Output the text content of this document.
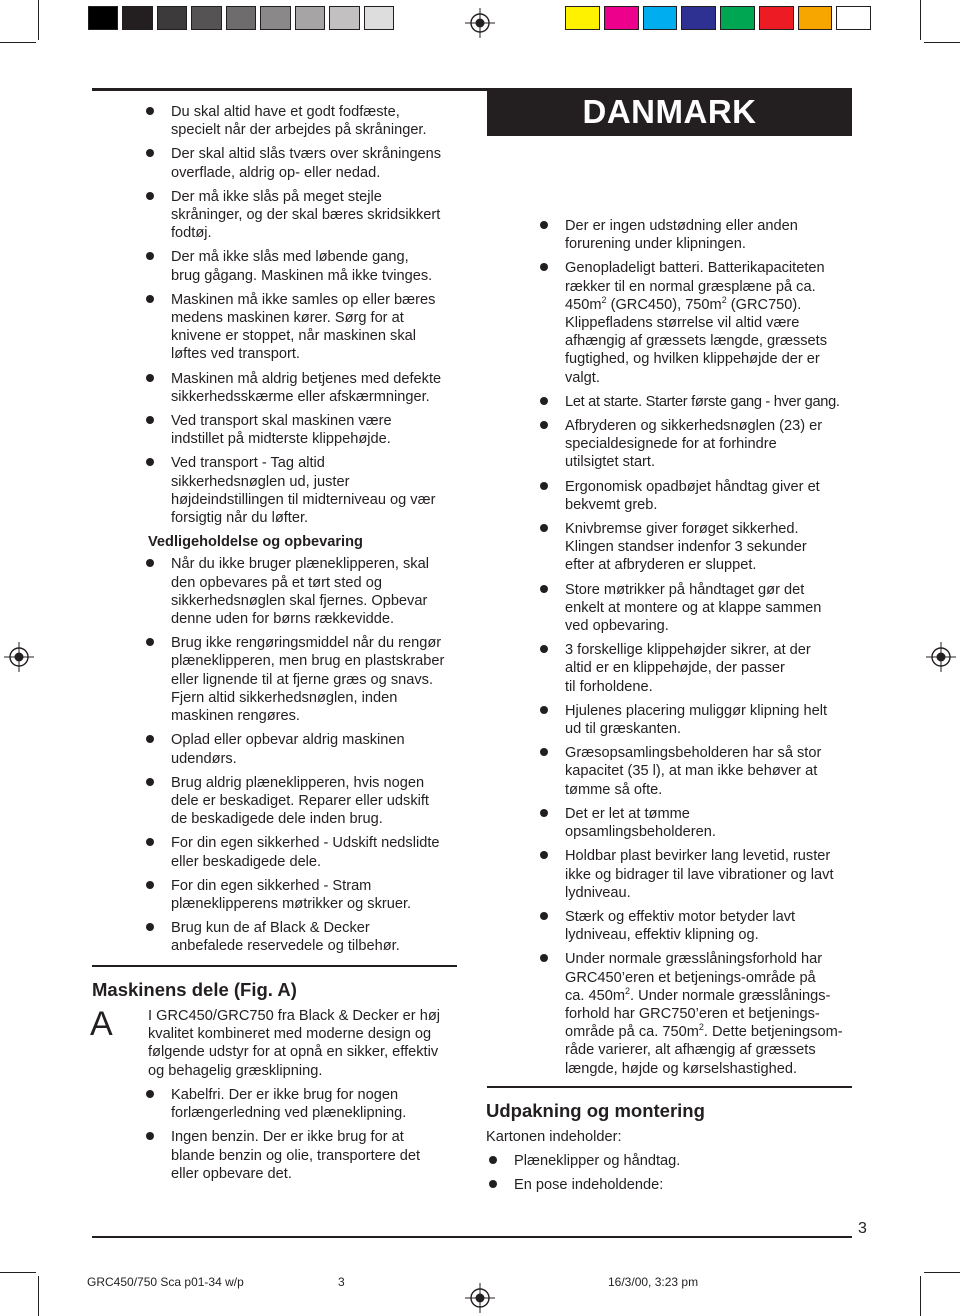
DANMARK
Du skal altid have et godt fodfæste,
specielt når der arbejdes på skråninger.
Der skal altid slås tværs over skråningens
overflade, aldrig op- eller nedad.
Der må ikke slås på meget stejle
skråninger, og der skal bæres skridsikkert
fodtøj.
Der må ikke slås med løbende gang,
brug gågang. Maskinen må ikke tvinges.
Maskinen må ikke samles op eller bæres
medens maskinen kører. Sørg for at
knivene er stoppet, når maskinen skal
løftes ved transport.
Maskinen må aldrig betjenes med defekte
sikkerhedsskærme eller afskærmninger.
Ved transport skal maskinen være
indstillet på midterste klippehøjde.
Ved transport - Tag altid
sikkerhedsnøglen ud, juster
højdeindstillingen til midterniveau og vær
forsigtig når du løfter.
Vedligeholdelse og opbevaring
Når du ikke bruger plæneklipperen, skal
den opbevares på et tørt sted og
sikkerhedsnøglen skal fjernes. Opbevar
denne uden for børns rækkevidde.
Brug ikke rengøringsmiddel når du rengør
plæneklipperen, men brug en plastskraber
eller lignende til at fjerne græs og snavs.
Fjern altid sikkerhedsnøglen, inden
maskinen rengøres.
Oplad eller opbevar aldrig maskinen
udendørs.
Brug aldrig plæneklipperen, hvis nogen
dele er beskadiget. Reparer eller udskift
de beskadigede dele inden brug.
For din egen sikkerhed - Udskift nedslidte
eller beskadigede dele.
For din egen sikkerhed - Stram
plæneklipperens møtrikker og skruer.
Brug kun de af Black & Decker
anbefalede reservedele og tilbehør.
Maskinens dele (Fig. A)
A I GRC450/GRC750 fra Black & Decker er høj
kvalitet kombineret med moderne design og
følgende udstyr for at opnå en sikker, effektiv
og behagelig græsklipning.

Kabelfri. Der er ikke brug for nogen
forlængerledning ved plæneklipning.
Ingen benzin. Der er ikke brug for at
blande benzin og olie, transportere det
eller opbevare det.
Der er ingen udstødning eller anden
forurening under klipningen.
Genopladeligt batteri. Batterikapaciteten
rækker til en normal græsplæne på ca.
$450m^2$ (GRC450), $750m^2$ (GRC750).
Klippefladens størrelse vil altid være
afhængig af græssets længde, græssets
fugtighed, og hvilken klippehøjde der er
valgt.
Let at starte. Starter første gang - hver gang.
Afbryderen og sikkerhedsnøglen (23) er
specialdesignede for at forhindre
utilsigtet start.
Ergonomisk opadbøjet håndtag giver et
bekvemt greb.
Knivbremse giver forøget sikkerhed.
Klingen standser indenfor 3 sekunder
efter at afbryderen er sluppet.
Store møtrikker på håndtaget gør det
enkelt at montere og at klappe sammen
ved opbevaring.
3 forskellige klippehøjder sikrer, at der
altid er en klippehøjde, der passer
til forholdene.
Hjulenes placering muliggør klipning helt
ud til græskanten.
Græsopsamlingsbeholderen har så stor
kapacitet (35 l), at man ikke behøver at
tømme så ofte.
Det er let at tømme
opsamlingsbeholderen.
Holdbar plast bevirker lang levetid, ruster
ikke og bidrager til lave vibrationer og lavt
lydniveau.
Stærk og effektiv motor betyder lavt
lydniveau, effektiv klipning og.
Under normale græsslåningsforhold har
GRC450’eren et betjenings-område på
ca. $450m^2$. Under normale græsslånings-
forhold har GRC750’eren et betjenings-
område på ca. $750m^2$. Dette betjeningsom-
råde varierer, alt afhængig af græssets
længde, højde og kørselshastighed.
Udpakning og montering

Kartonen indeholder:

Plæneklipper og håndtag.
En pose indeholdende:
3
GRC450/750 Sca p01-34 w/p	3	16/3/00, 3:23 pm
